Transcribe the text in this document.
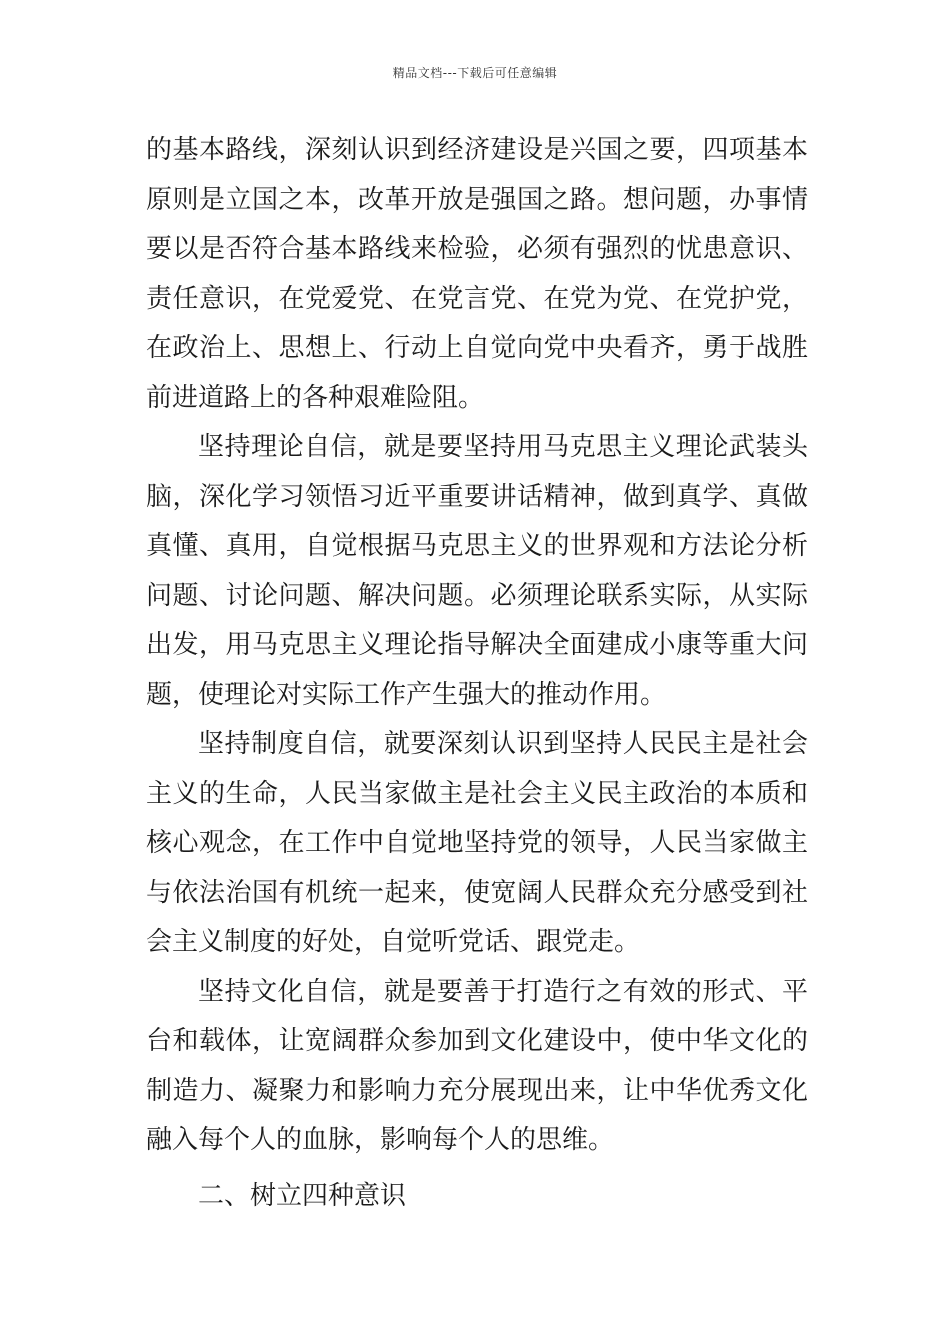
精品文档---下载后可任意编辑

的基本路线，深刻认识到经济建设是兴国之要，四项基本原则是立国之本，改革开放是强国之路。想问题，办事情要以是否符合基本路线来检验，必须有强烈的忧患意识、责任意识，在党爱党、在党言党、在党为党、在党护党，在政治上、思想上、行动上自觉向党中央看齐，勇于战胜前进道路上的各种艰难险阻。

坚持理论自信，就是要坚持用马克思主义理论武装头脑，深化学习领悟习近平重要讲话精神，做到真学、真做真懂、真用，自觉根据马克思主义的世界观和方法论分析问题、讨论问题、解决问题。必须理论联系实际，从实际出发，用马克思主义理论指导解决全面建成小康等重大问题，使理论对实际工作产生强大的推动作用。

坚持制度自信，就要深刻认识到坚持人民民主是社会主义的生命，人民当家做主是社会主义民主政治的本质和核心观念，在工作中自觉地坚持党的领导，人民当家做主与依法治国有机统一起来，使宽阔人民群众充分感受到社会主义制度的好处，自觉听党话、跟党走。

坚持文化自信，就是要善于打造行之有效的形式、平台和载体，让宽阔群众参加到文化建设中，使中华文化的制造力、凝聚力和影响力充分展现出来，让中华优秀文化融入每个人的血脉，影响每个人的思维。

二、树立四种意识
